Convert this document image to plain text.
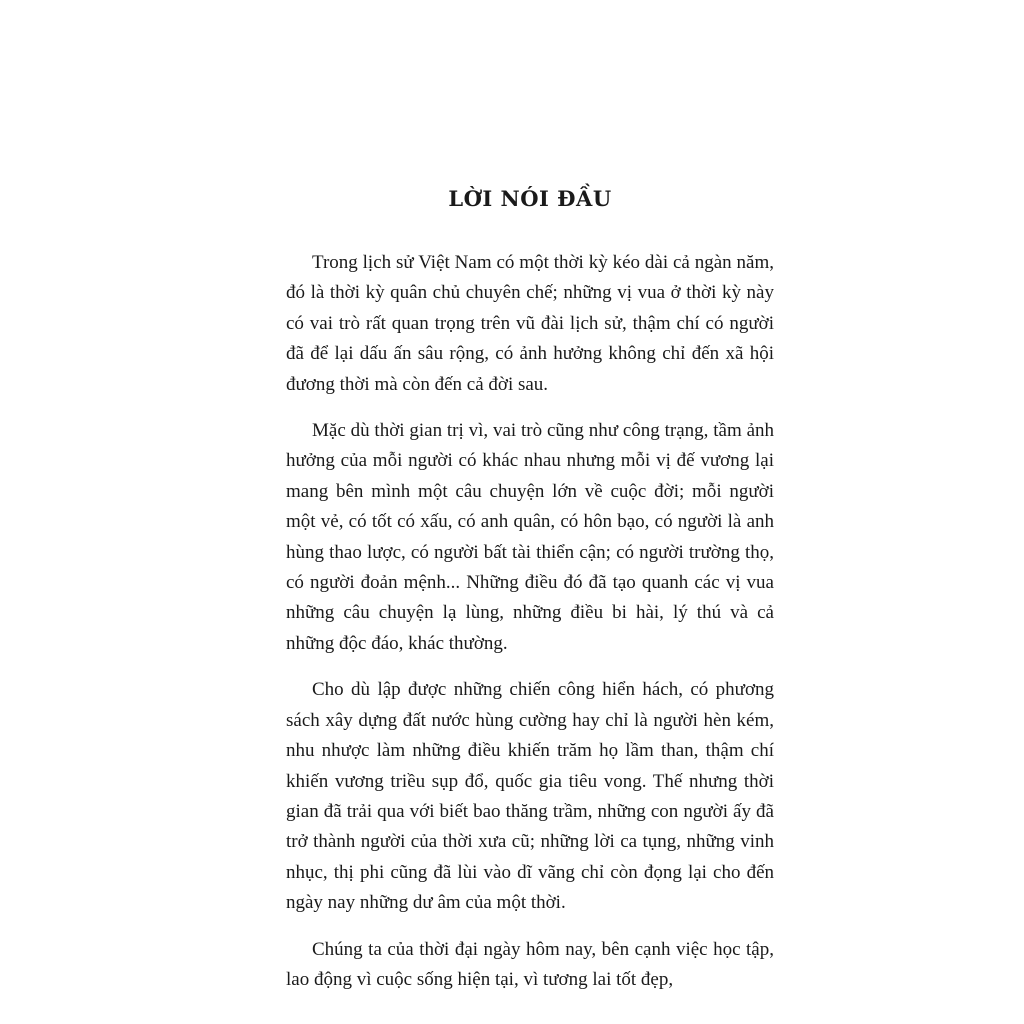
LỜI NÓI ĐẦU

Trong lịch sử Việt Nam có một thời kỳ kéo dài cả ngàn năm, đó là thời kỳ quân chủ chuyên chế; những vị vua ở thời kỳ này có vai trò rất quan trọng trên vũ đài lịch sử, thậm chí có người đã để lại dấu ấn sâu rộng, có ảnh hưởng không chỉ đến xã hội đương thời mà còn đến cả đời sau.

Mặc dù thời gian trị vì, vai trò cũng như công trạng, tầm ảnh hưởng của mỗi người có khác nhau nhưng mỗi vị đế vương lại mang bên mình một câu chuyện lớn về cuộc đời; mỗi người một vẻ, có tốt có xấu, có anh quân, có hôn bạo, có người là anh hùng thao lược, có người bất tài thiển cận; có người trường thọ, có người đoản mệnh... Những điều đó đã tạo quanh các vị vua những câu chuyện lạ lùng, những điều bi hài, lý thú và cả những độc đáo, khác thường.

Cho dù lập được những chiến công hiển hách, có phương sách xây dựng đất nước hùng cường hay chỉ là người hèn kém, nhu nhược làm những điều khiến trăm họ lầm than, thậm chí khiến vương triều sụp đổ, quốc gia tiêu vong. Thế nhưng thời gian đã trải qua với biết bao thăng trầm, những con người ấy đã trở thành người của thời xưa cũ; những lời ca tụng, những vinh nhục, thị phi cũng đã lùi vào dĩ vãng chỉ còn đọng lại cho đến ngày nay những dư âm của một thời.

Chúng ta của thời đại ngày hôm nay, bên cạnh việc học tập, lao động vì cuộc sống hiện tại, vì tương lai tốt đẹp,
